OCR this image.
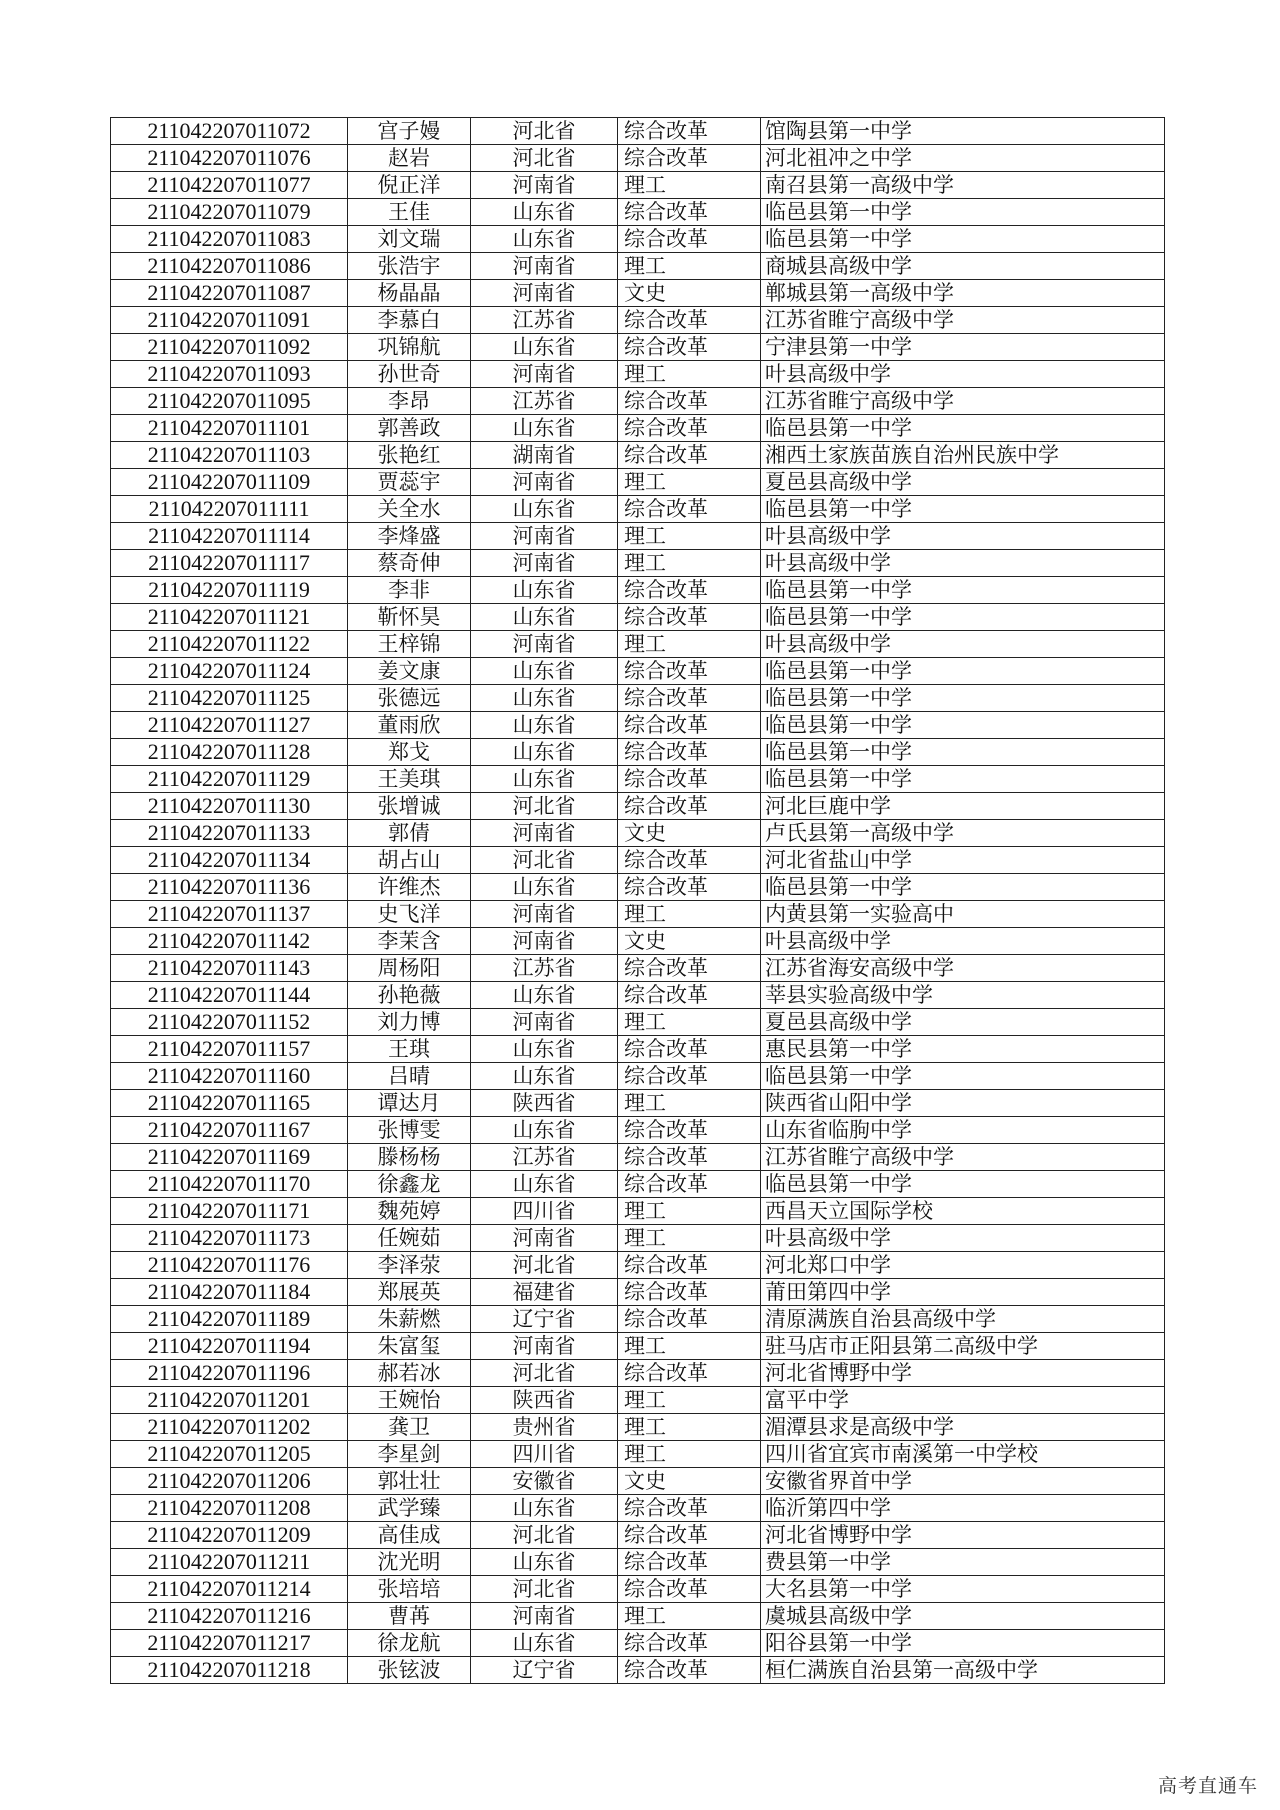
211042207011072	宫子嫚	河北省	综合改革	馆陶县第一中学
211042207011076	赵岩	河北省	综合改革	河北祖冲之中学
211042207011077	倪正洋	河南省	理工	南召县第一高级中学
211042207011079	王佳	山东省	综合改革	临邑县第一中学
211042207011083	刘文瑞	山东省	综合改革	临邑县第一中学
211042207011086	张浩宇	河南省	理工	商城县高级中学
211042207011087	杨晶晶	河南省	文史	郸城县第一高级中学
211042207011091	李慕白	江苏省	综合改革	江苏省睢宁高级中学
211042207011092	巩锦航	山东省	综合改革	宁津县第一中学
211042207011093	孙世奇	河南省	理工	叶县高级中学
211042207011095	李昂	江苏省	综合改革	江苏省睢宁高级中学
211042207011101	郭善政	山东省	综合改革	临邑县第一中学
211042207011103	张艳红	湖南省	综合改革	湘西土家族苗族自治州民族中学
211042207011109	贾蕊宇	河南省	理工	夏邑县高级中学
211042207011111	关全水	山东省	综合改革	临邑县第一中学
211042207011114	李烽盛	河南省	理工	叶县高级中学
211042207011117	蔡奇伸	河南省	理工	叶县高级中学
211042207011119	李非	山东省	综合改革	临邑县第一中学
211042207011121	靳怀昊	山东省	综合改革	临邑县第一中学
211042207011122	王梓锦	河南省	理工	叶县高级中学
211042207011124	姜文康	山东省	综合改革	临邑县第一中学
211042207011125	张德远	山东省	综合改革	临邑县第一中学
211042207011127	董雨欣	山东省	综合改革	临邑县第一中学
211042207011128	郑戈	山东省	综合改革	临邑县第一中学
211042207011129	王美琪	山东省	综合改革	临邑县第一中学
211042207011130	张增诚	河北省	综合改革	河北巨鹿中学
211042207011133	郭倩	河南省	文史	卢氏县第一高级中学
211042207011134	胡占山	河北省	综合改革	河北省盐山中学
211042207011136	许维杰	山东省	综合改革	临邑县第一中学
211042207011137	史飞洋	河南省	理工	内黄县第一实验高中
211042207011142	李茉含	河南省	文史	叶县高级中学
211042207011143	周杨阳	江苏省	综合改革	江苏省海安高级中学
211042207011144	孙艳薇	山东省	综合改革	莘县实验高级中学
211042207011152	刘力博	河南省	理工	夏邑县高级中学
211042207011157	王琪	山东省	综合改革	惠民县第一中学
211042207011160	吕晴	山东省	综合改革	临邑县第一中学
211042207011165	谭达月	陕西省	理工	陕西省山阳中学
211042207011167	张博雯	山东省	综合改革	山东省临朐中学
211042207011169	滕杨杨	江苏省	综合改革	江苏省睢宁高级中学
211042207011170	徐鑫龙	山东省	综合改革	临邑县第一中学
211042207011171	魏苑婷	四川省	理工	西昌天立国际学校
211042207011173	任婉茹	河南省	理工	叶县高级中学
211042207011176	李泽荥	河北省	综合改革	河北郑口中学
211042207011184	郑展英	福建省	综合改革	莆田第四中学
211042207011189	朱薪燃	辽宁省	综合改革	清原满族自治县高级中学
211042207011194	朱富玺	河南省	理工	驻马店市正阳县第二高级中学
211042207011196	郝若冰	河北省	综合改革	河北省博野中学
211042207011201	王婉怡	陕西省	理工	富平中学
211042207011202	龚卫	贵州省	理工	湄潭县求是高级中学
211042207011205	李星剑	四川省	理工	四川省宜宾市南溪第一中学校
211042207011206	郭壮壮	安徽省	文史	安徽省界首中学
211042207011208	武学臻	山东省	综合改革	临沂第四中学
211042207011209	高佳成	河北省	综合改革	河北省博野中学
211042207011211	沈光明	山东省	综合改革	费县第一中学
211042207011214	张培培	河北省	综合改革	大名县第一中学
211042207011216	曹苒	河南省	理工	虞城县高级中学
211042207011217	徐龙航	山东省	综合改革	阳谷县第一中学
211042207011218	张铉波	辽宁省	综合改革	桓仁满族自治县第一高级中学
高考直通车
